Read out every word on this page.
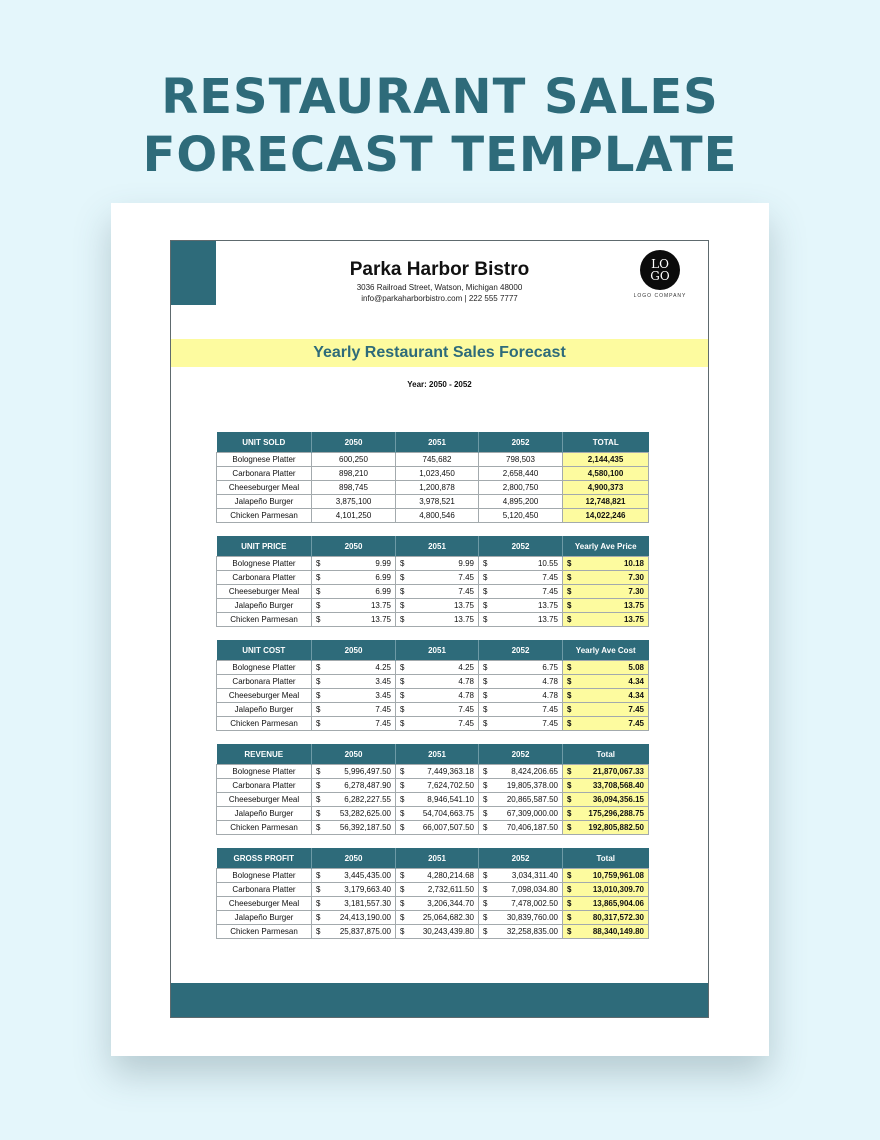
RESTAURANT SALES
FORECAST TEMPLATE
Parka Harbor Bistro
3036 Railroad Street, Watson, Michigan 48000
info@parkaharborbistro.com | 222 555 7777
LO
GO
LOGO COMPANY
Yearly Restaurant Sales Forecast
Year: 2050 - 2052
UNIT SOLD	2050	2051	2052	TOTAL
Bolognese Platter	600,250	745,682	798,503	2,144,435
Carbonara Platter	898,210	1,023,450	2,658,440	4,580,100
Cheeseburger Meal	898,745	1,200,878	2,800,750	4,900,373
Jalapeño Burger	3,875,100	3,978,521	4,895,200	12,748,821
Chicken Parmesan	4,101,250	4,800,546	5,120,450	14,022,246
UNIT PRICE	2050	2051	2052	Yearly Ave Price
Bolognese Platter	$ 9.99	$ 9.99	$ 10.55	$ 10.18

Carbonara Platter	$ 6.99	$ 7.45	$ 7.45	$ 7.30

Cheeseburger Meal	$ 6.99	$ 7.45	$ 7.45	$ 7.30

Jalapeño Burger	$ 13.75	$ 13.75	$ 13.75	$ 13.75

Chicken Parmesan	$ 13.75	$ 13.75	$ 13.75	$ 13.75
UNIT COST	2050	2051	2052	Yearly Ave Cost
Bolognese Platter	$ 4.25	$ 4.25	$ 6.75	$ 5.08

Carbonara Platter	$ 3.45	$ 4.78	$ 4.78	$ 4.34

Cheeseburger Meal	$ 3.45	$ 4.78	$ 4.78	$ 4.34

Jalapeño Burger	$ 7.45	$ 7.45	$ 7.45	$ 7.45

Chicken Parmesan	$ 7.45	$ 7.45	$ 7.45	$ 7.45
REVENUE	2050	2051	2052	Total
Bolognese Platter	$ 5,996,497.50	$ 7,449,363.18	$ 8,424,206.65	$ 21,870,067.33

Carbonara Platter	$ 6,278,487.90	$ 7,624,702.50	$ 19,805,378.00	$ 33,708,568.40

Cheeseburger Meal	$ 6,282,227.55	$ 8,946,541.10	$ 20,865,587.50	$ 36,094,356.15

Jalapeño Burger	$ 53,282,625.00	$ 54,704,663.75	$ 67,309,000.00	$ 175,296,288.75

Chicken Parmesan	$ 56,392,187.50	$ 66,007,507.50	$ 70,406,187.50	$ 192,805,882.50
GROSS PROFIT	2050	2051	2052	Total
Bolognese Platter	$ 3,445,435.00	$ 4,280,214.68	$ 3,034,311.40	$ 10,759,961.08

Carbonara Platter	$ 3,179,663.40	$ 2,732,611.50	$ 7,098,034.80	$ 13,010,309.70

Cheeseburger Meal	$ 3,181,557.30	$ 3,206,344.70	$ 7,478,002.50	$ 13,865,904.06

Jalapeño Burger	$ 24,413,190.00	$ 25,064,682.30	$ 30,839,760.00	$ 80,317,572.30

Chicken Parmesan	$ 25,837,875.00	$ 30,243,439.80	$ 32,258,835.00	$ 88,340,149.80
